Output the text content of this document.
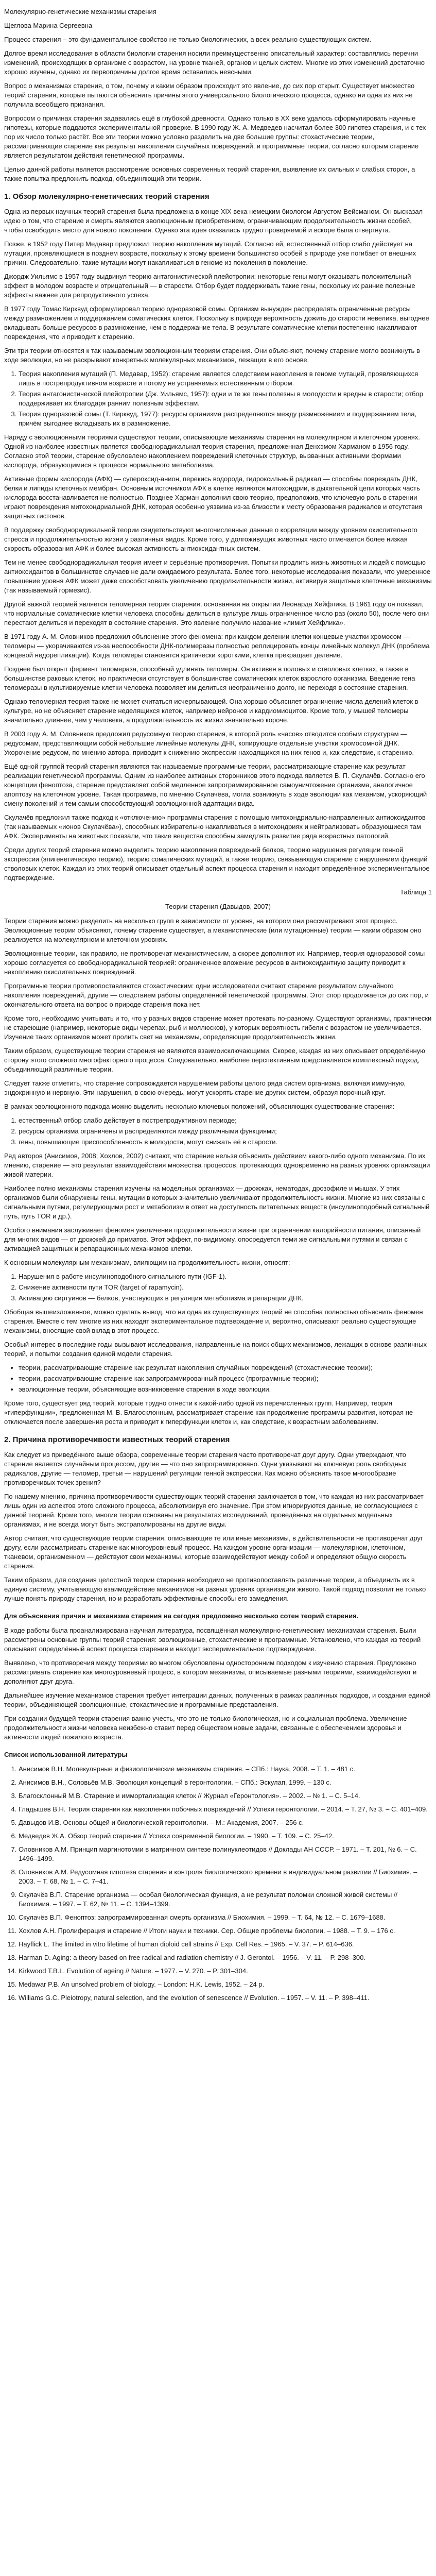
Молекулярно-генетические механизмы старения

Щеглова Марина Сергеевна

Процесс старения – это фундаментальное свойство не только биологических, а всех реально существующих систем.

Долгое время исследования в области биологии старения носили преимущественно описательный характер: составлялись перечни изменений, происходящих в организме с возрастом, на уровне тканей, органов и целых систем. Многие из этих изменений достаточно хорошо изучены, однако их первопричины долгое время оставались неясными.

Вопрос о механизмах старения, о том, почему и каким образом происходит это явление, до сих пор открыт. Существует множество теорий старения, которые пытаются объяснить причины этого универсального биологического процесса, однако ни одна из них не получила всеобщего признания.

Вопросом о причинах старения задавались ещё в глубокой древности. Однако только в XX веке удалось сформулировать научные гипотезы, которые поддаются экспериментальной проверке. В 1990 году Ж. А. Медведев насчитал более 300 гипотез старения, и с тех пор их число только растёт. Все эти теории можно условно разделить на две большие группы: стохастические теории, рассматривающие старение как результат накопления случайных повреждений, и программные теории, согласно которым старение является результатом действия генетической программы.

Целью данной работы является рассмотрение основных современных теорий старения, выявление их сильных и слабых сторон, а также попытка предложить подход, объединяющий эти теории.

1. Обзор молекулярно-генетических теорий старения

Одна из первых научных теорий старения была предложена в конце XIX века немецким биологом Августом Вейсманом. Он высказал идею о том, что старение и смерть являются эволюционным приобретением, ограничивающим продолжительность жизни особей, чтобы освободить место для нового поколения. Однако эта идея оказалась трудно проверяемой и вскоре была отвергнута.

Позже, в 1952 году Питер Медавар предложил теорию накопления мутаций. Согласно ей, естественный отбор слабо действует на мутации, проявляющиеся в позднем возрасте, поскольку к этому времени большинство особей в природе уже погибает от внешних причин. Следовательно, такие мутации могут накапливаться в геноме из поколения в поколение.

Джордж Уильямс в 1957 году выдвинул теорию антагонистической плейотропии: некоторые гены могут оказывать положительный эффект в молодом возрасте и отрицательный — в старости. Отбор будет поддерживать такие гены, поскольку их ранние полезные эффекты важнее для репродуктивного успеха.

В 1977 году Томас Кирквуд сформулировал теорию одноразовой сомы. Организм вынужден распределять ограниченные ресурсы между размножением и поддержанием соматических клеток. Поскольку в природе вероятность дожить до старости невелика, выгоднее вкладывать больше ресурсов в размножение, чем в поддержание тела. В результате соматические клетки постепенно накапливают повреждения, что и приводит к старению.

Эти три теории относятся к так называемым эволюционным теориям старения. Они объясняют, почему старение могло возникнуть в ходе эволюции, но не раскрывают конкретных молекулярных механизмов, лежащих в его основе.

1. Теория накопления мутаций (П. Медавар, 1952): старение является следствием накопления в геноме мутаций, проявляющихся лишь в пострепродуктивном возрасте и потому не устраняемых естественным отбором.
2. Теория антагонистической плейотропии (Дж. Уильямс, 1957): одни и те же гены полезны в молодости и вредны в старости; отбор поддерживает их благодаря ранним полезным эффектам.
3. Теория одноразовой сомы (Т. Кирквуд, 1977): ресурсы организма распределяются между размножением и поддержанием тела, причём выгоднее вкладывать их в размножение.

Наряду с эволюционными теориями существуют теории, описывающие механизмы старения на молекулярном и клеточном уровнях. Одной из наиболее известных является свободнорадикальная теория старения, предложенная Денхэмом Харманом в 1956 году. Согласно этой теории, старение обусловлено накоплением повреждений клеточных структур, вызванных активными формами кислорода, образующимися в процессе нормального метаболизма.

Активные формы кислорода (АФК) — супероксид-анион, перекись водорода, гидроксильный радикал — способны повреждать ДНК, белки и липиды клеточных мембран. Основным источником АФК в клетке являются митохондрии, в дыхательной цепи которых часть кислорода восстанавливается не полностью. Позднее Харман дополнил свою теорию, предположив, что ключевую роль в старении играют повреждения митохондриальной ДНК, которая особенно уязвима из-за близости к месту образования радикалов и отсутствия защитных гистонов.

В поддержку свободнорадикальной теории свидетельствуют многочисленные данные о корреляции между уровнем окислительного стресса и продолжительностью жизни у различных видов. Кроме того, у долгоживущих животных часто отмечается более низкая скорость образования АФК и более высокая активность антиоксидантных систем.

Тем не менее свободнорадикальная теория имеет и серьёзные противоречия. Попытки продлить жизнь животных и людей с помощью антиоксидантов в большинстве случаев не дали ожидаемого результата. Более того, некоторые исследования показали, что умеренное повышение уровня АФК может даже способствовать увеличению продолжительности жизни, активируя защитные клеточные механизмы (так называемый гормезис).

Другой важной теорией является теломерная теория старения, основанная на открытии Леонарда Хейфлика. В 1961 году он показал, что нормальные соматические клетки человека способны делиться в культуре лишь ограниченное число раз (около 50), после чего они перестают делиться и переходят в состояние старения. Это явление получило название «лимит Хейфлика».

В 1971 году А. М. Оловников предложил объяснение этого феномена: при каждом делении клетки концевые участки хромосом — теломеры — укорачиваются из-за неспособности ДНК-полимеразы полностью реплицировать концы линейных молекул ДНК (проблема концевой недорепликации). Когда теломеры становятся критически короткими, клетка прекращает деление.

Позднее был открыт фермент теломераза, способный удлинять теломеры. Он активен в половых и стволовых клетках, а также в большинстве раковых клеток, но практически отсутствует в большинстве соматических клеток взрослого организма. Введение гена теломеразы в культивируемые клетки человека позволяет им делиться неограниченно долго, не переходя в состояние старения.

Однако теломерная теория также не может считаться исчерпывающей. Она хорошо объясняет ограничение числа делений клеток в культуре, но не объясняет старение неделящихся клеток, например нейронов и кардиомиоцитов. Кроме того, у мышей теломеры значительно длиннее, чем у человека, а продолжительность их жизни значительно короче.

В 2003 году А. М. Оловников предложил редусомную теорию старения, в которой роль «часов» отводится особым структурам — редусомам, представляющим собой небольшие линейные молекулы ДНК, копирующие отдельные участки хромосомной ДНК. Укорочение редусом, по мнению автора, приводит к снижению экспрессии находящихся на них генов и, как следствие, к старению.

Ещё одной группой теорий старения являются так называемые программные теории, рассматривающие старение как результат реализации генетической программы. Одним из наиболее активных сторонников этого подхода является В. П. Скулачёв. Согласно его концепции феноптоза, старение представляет собой медленное запрограммированное самоуничтожение организма, аналогичное апоптозу на клеточном уровне. Такая программа, по мнению Скулачёва, могла возникнуть в ходе эволюции как механизм, ускоряющий смену поколений и тем самым способствующий эволюционной адаптации вида.

Скулачёв предложил также подход к «отключению» программы старения с помощью митохондриально-направленных антиоксидантов (так называемых «ионов Скулачёва»), способных избирательно накапливаться в митохондриях и нейтрализовать образующиеся там АФК. Эксперименты на животных показали, что такие вещества способны замедлять развитие ряда возрастных патологий.

Среди других теорий старения можно выделить теорию накопления повреждений белков, теорию нарушения регуляции генной экспрессии (эпигенетическую теорию), теорию соматических мутаций, а также теорию, связывающую старение с нарушением функций стволовых клеток. Каждая из этих теорий описывает отдельный аспект процесса старения и находит определённое экспериментальное подтверждение.

Таблица 1

Теории старения (Давыдов, 2007)

Теории старения можно разделить на несколько групп в зависимости от уровня, на котором они рассматривают этот процесс. Эволюционные теории объясняют, почему старение существует, а механистические (или мутационные) теории — каким образом оно реализуется на молекулярном и клеточном уровнях.

Эволюционные теории, как правило, не противоречат механистическим, а скорее дополняют их. Например, теория одноразовой сомы хорошо согласуется со свободнорадикальной теорией: ограниченное вложение ресурсов в антиоксидантную защиту приводит к накоплению окислительных повреждений.

Программные теории противопоставляются стохастическим: одни исследователи считают старение результатом случайного накопления повреждений, другие — следствием работы определённой генетической программы. Этот спор продолжается до сих пор, и окончательного ответа на вопрос о природе старения пока нет.

Кроме того, необходимо учитывать и то, что у разных видов старение может протекать по-разному. Существуют организмы, практически не стареющие (например, некоторые виды черепах, рыб и моллюсков), у которых вероятность гибели с возрастом не увеличивается. Изучение таких организмов может пролить свет на механизмы, определяющие продолжительность жизни.

Таким образом, существующие теории старения не являются взаимоисключающими. Скорее, каждая из них описывает определённую сторону этого сложного многофакторного процесса. Следовательно, наиболее перспективным представляется комплексный подход, объединяющий различные теории.

Следует также отметить, что старение сопровождается нарушением работы целого ряда систем организма, включая иммунную, эндокринную и нервную. Эти нарушения, в свою очередь, могут ускорять старение других систем, образуя порочный круг.

В рамках эволюционного подхода можно выделить несколько ключевых положений, объясняющих существование старения:

1. естественный отбор слабо действует в пострепродуктивном периоде;
2. ресурсы организма ограничены и распределяются между различными функциями;
3. гены, повышающие приспособленность в молодости, могут снижать её в старости.

Ряд авторов (Анисимов, 2008; Хохлов, 2002) считают, что старение нельзя объяснить действием какого-либо одного механизма. По их мнению, старение — это результат взаимодействия множества процессов, протекающих одновременно на разных уровнях организации живой материи.

Наиболее полно механизмы старения изучены на модельных организмах — дрожжах, нематодах, дрозофиле и мышах. У этих организмов были обнаружены гены, мутации в которых значительно увеличивают продолжительность жизни. Многие из них связаны с сигнальными путями, регулирующими рост и метаболизм в ответ на доступность питательных веществ (инсулиноподобный сигнальный путь, путь TOR и др.).

Особого внимания заслуживает феномен увеличения продолжительности жизни при ограничении калорийности питания, описанный для многих видов — от дрожжей до приматов. Этот эффект, по-видимому, опосредуется теми же сигнальными путями и связан с активацией защитных и репарационных механизмов клетки.

К основным молекулярным механизмам, влияющим на продолжительность жизни, относят:

1. Нарушения в работе инсулиноподобного сигнального пути (IGF-1).
2. Снижение активности пути TOR (target of rapamycin).
3. Активацию сиртуинов — белков, участвующих в регуляции метаболизма и репарации ДНК.

Обобщая вышеизложенное, можно сделать вывод, что ни одна из существующих теорий не способна полностью объяснить феномен старения. Вместе с тем многие из них находят экспериментальное подтверждение и, вероятно, описывают реально существующие механизмы, вносящие свой вклад в этот процесс.

Особый интерес в последние годы вызывают исследования, направленные на поиск общих механизмов, лежащих в основе различных теорий, и попытки создания единой модели старения.

• теории, рассматривающие старение как результат накопления случайных повреждений (стохастические теории);
• теории, рассматривающие старение как запрограммированный процесс (программные теории);
• эволюционные теории, объясняющие возникновение старения в ходе эволюции.

Кроме того, существует ряд теорий, которые трудно отнести к какой-либо одной из перечисленных групп. Например, теория «гиперфункции», предложенная М. В. Благосклонным, рассматривает старение как продолжение программы развития, которая не отключается после завершения роста и приводит к гиперфункции клеток и, как следствие, к возрастным заболеваниям.

2. Причина противоречивости известных теорий старения

Как следует из приведённого выше обзора, современные теории старения часто противоречат друг другу. Одни утверждают, что старение является случайным процессом, другие — что оно запрограммировано. Одни указывают на ключевую роль свободных радикалов, другие — теломер, третьи — нарушений регуляции генной экспрессии. Как можно объяснить такое многообразие противоречивых точек зрения?

По нашему мнению, причина противоречивости существующих теорий старения заключается в том, что каждая из них рассматривает лишь один из аспектов этого сложного процесса, абсолютизируя его значение. При этом игнорируются данные, не согласующиеся с данной теорией. Кроме того, многие теории основаны на результатах исследований, проведённых на отдельных модельных организмах, и не всегда могут быть экстраполированы на другие виды.

Автор считает, что существующие теории старения, описывающие те или иные механизмы, в действительности не противоречат друг другу, если рассматривать старение как многоуровневый процесс. На каждом уровне организации — молекулярном, клеточном, тканевом, организменном — действуют свои механизмы, которые взаимодействуют между собой и определяют общую скорость старения.

Таким образом, для создания целостной теории старения необходимо не противопоставлять различные теории, а объединить их в единую систему, учитывающую взаимодействие механизмов на разных уровнях организации живого. Такой подход позволит не только лучше понять природу старения, но и разработать эффективные способы его замедления.

Для объяснения причин и механизма старения на сегодня предложено несколько сотен теорий старения.

В ходе работы была проанализирована научная литература, посвящённая молекулярно-генетическим механизмам старения. Были рассмотрены основные группы теорий старения: эволюционные, стохастические и программные. Установлено, что каждая из теорий описывает определённый аспект процесса старения и находит экспериментальное подтверждение.

Выявлено, что противоречия между теориями во многом обусловлены односторонним подходом к изучению старения. Предложено рассматривать старение как многоуровневый процесс, в котором механизмы, описываемые разными теориями, взаимодействуют и дополняют друг друга.

Дальнейшее изучение механизмов старения требует интеграции данных, полученных в рамках различных подходов, и создания единой теории, объединяющей эволюционные, стохастические и программные представления.

При создании будущей теории старения важно учесть, что это не только биологическая, но и социальная проблема. Увеличение продолжительности жизни человека неизбежно ставит перед обществом новые задачи, связанные с обеспечением здоровья и активности людей пожилого возраста.

Список использованной литературы
1. Анисимов В.Н. Молекулярные и физиологические механизмы старения. – СПб.: Наука, 2008. – Т. 1. – 481 с.
2. Анисимов В.Н., Соловьёв М.В. Эволюция концепций в геронтологии. – СПб.: Эскулап, 1999. – 130 с.
3. Благосклонный М.В. Старение и иммортализация клеток // Журнал «Геронтология». – 2002. – № 1. – С. 5–14.
4. Гладышев В.Н. Теория старения как накопления побочных повреждений // Успехи геронтологии. – 2014. – Т. 27, № 3. – С. 401–409.
5. Давыдов И.В. Основы общей и биологической геронтологии. – М.: Академия, 2007. – 256 с.
6. Медведев Ж.А. Обзор теорий старения // Успехи современной биологии. – 1990. – Т. 109. – С. 25–42.
7. Оловников А.М. Принцип маргинотомии в матричном синтезе полинуклеотидов // Доклады АН СССР. – 1971. – Т. 201, № 6. – С. 1496–1499.
8. Оловников А.М. Редусомная гипотеза старения и контроля биологического времени в индивидуальном развитии // Биохимия. – 2003. – Т. 68, № 1. – С. 7–41.
9. Скулачёв В.П. Старение организма — особая биологическая функция, а не результат поломки сложной живой системы // Биохимия. – 1997. – Т. 62, № 11. – С. 1394–1399.
10. Скулачёв В.П. Феноптоз: запрограммированная смерть организма // Биохимия. – 1999. – Т. 64, № 12. – С. 1679–1688.
11. Хохлов А.Н. Пролиферация и старение // Итоги науки и техники. Сер. Общие проблемы биологии. – 1988. – Т. 9. – 176 с.
12. Hayflick L. The limited in vitro lifetime of human diploid cell strains // Exp. Cell Res. – 1965. – V. 37. – P. 614–636.
13. Harman D. Aging: a theory based on free radical and radiation chemistry // J. Gerontol. – 1956. – V. 11. – P. 298–300.
14. Kirkwood T.B.L. Evolution of ageing // Nature. – 1977. – V. 270. – P. 301–304.
15. Medawar P.B. An unsolved problem of biology. – London: H.K. Lewis, 1952. – 24 p.
16. Williams G.C. Pleiotropy, natural selection, and the evolution of senescence // Evolution. – 1957. – V. 11. – P. 398–411.
